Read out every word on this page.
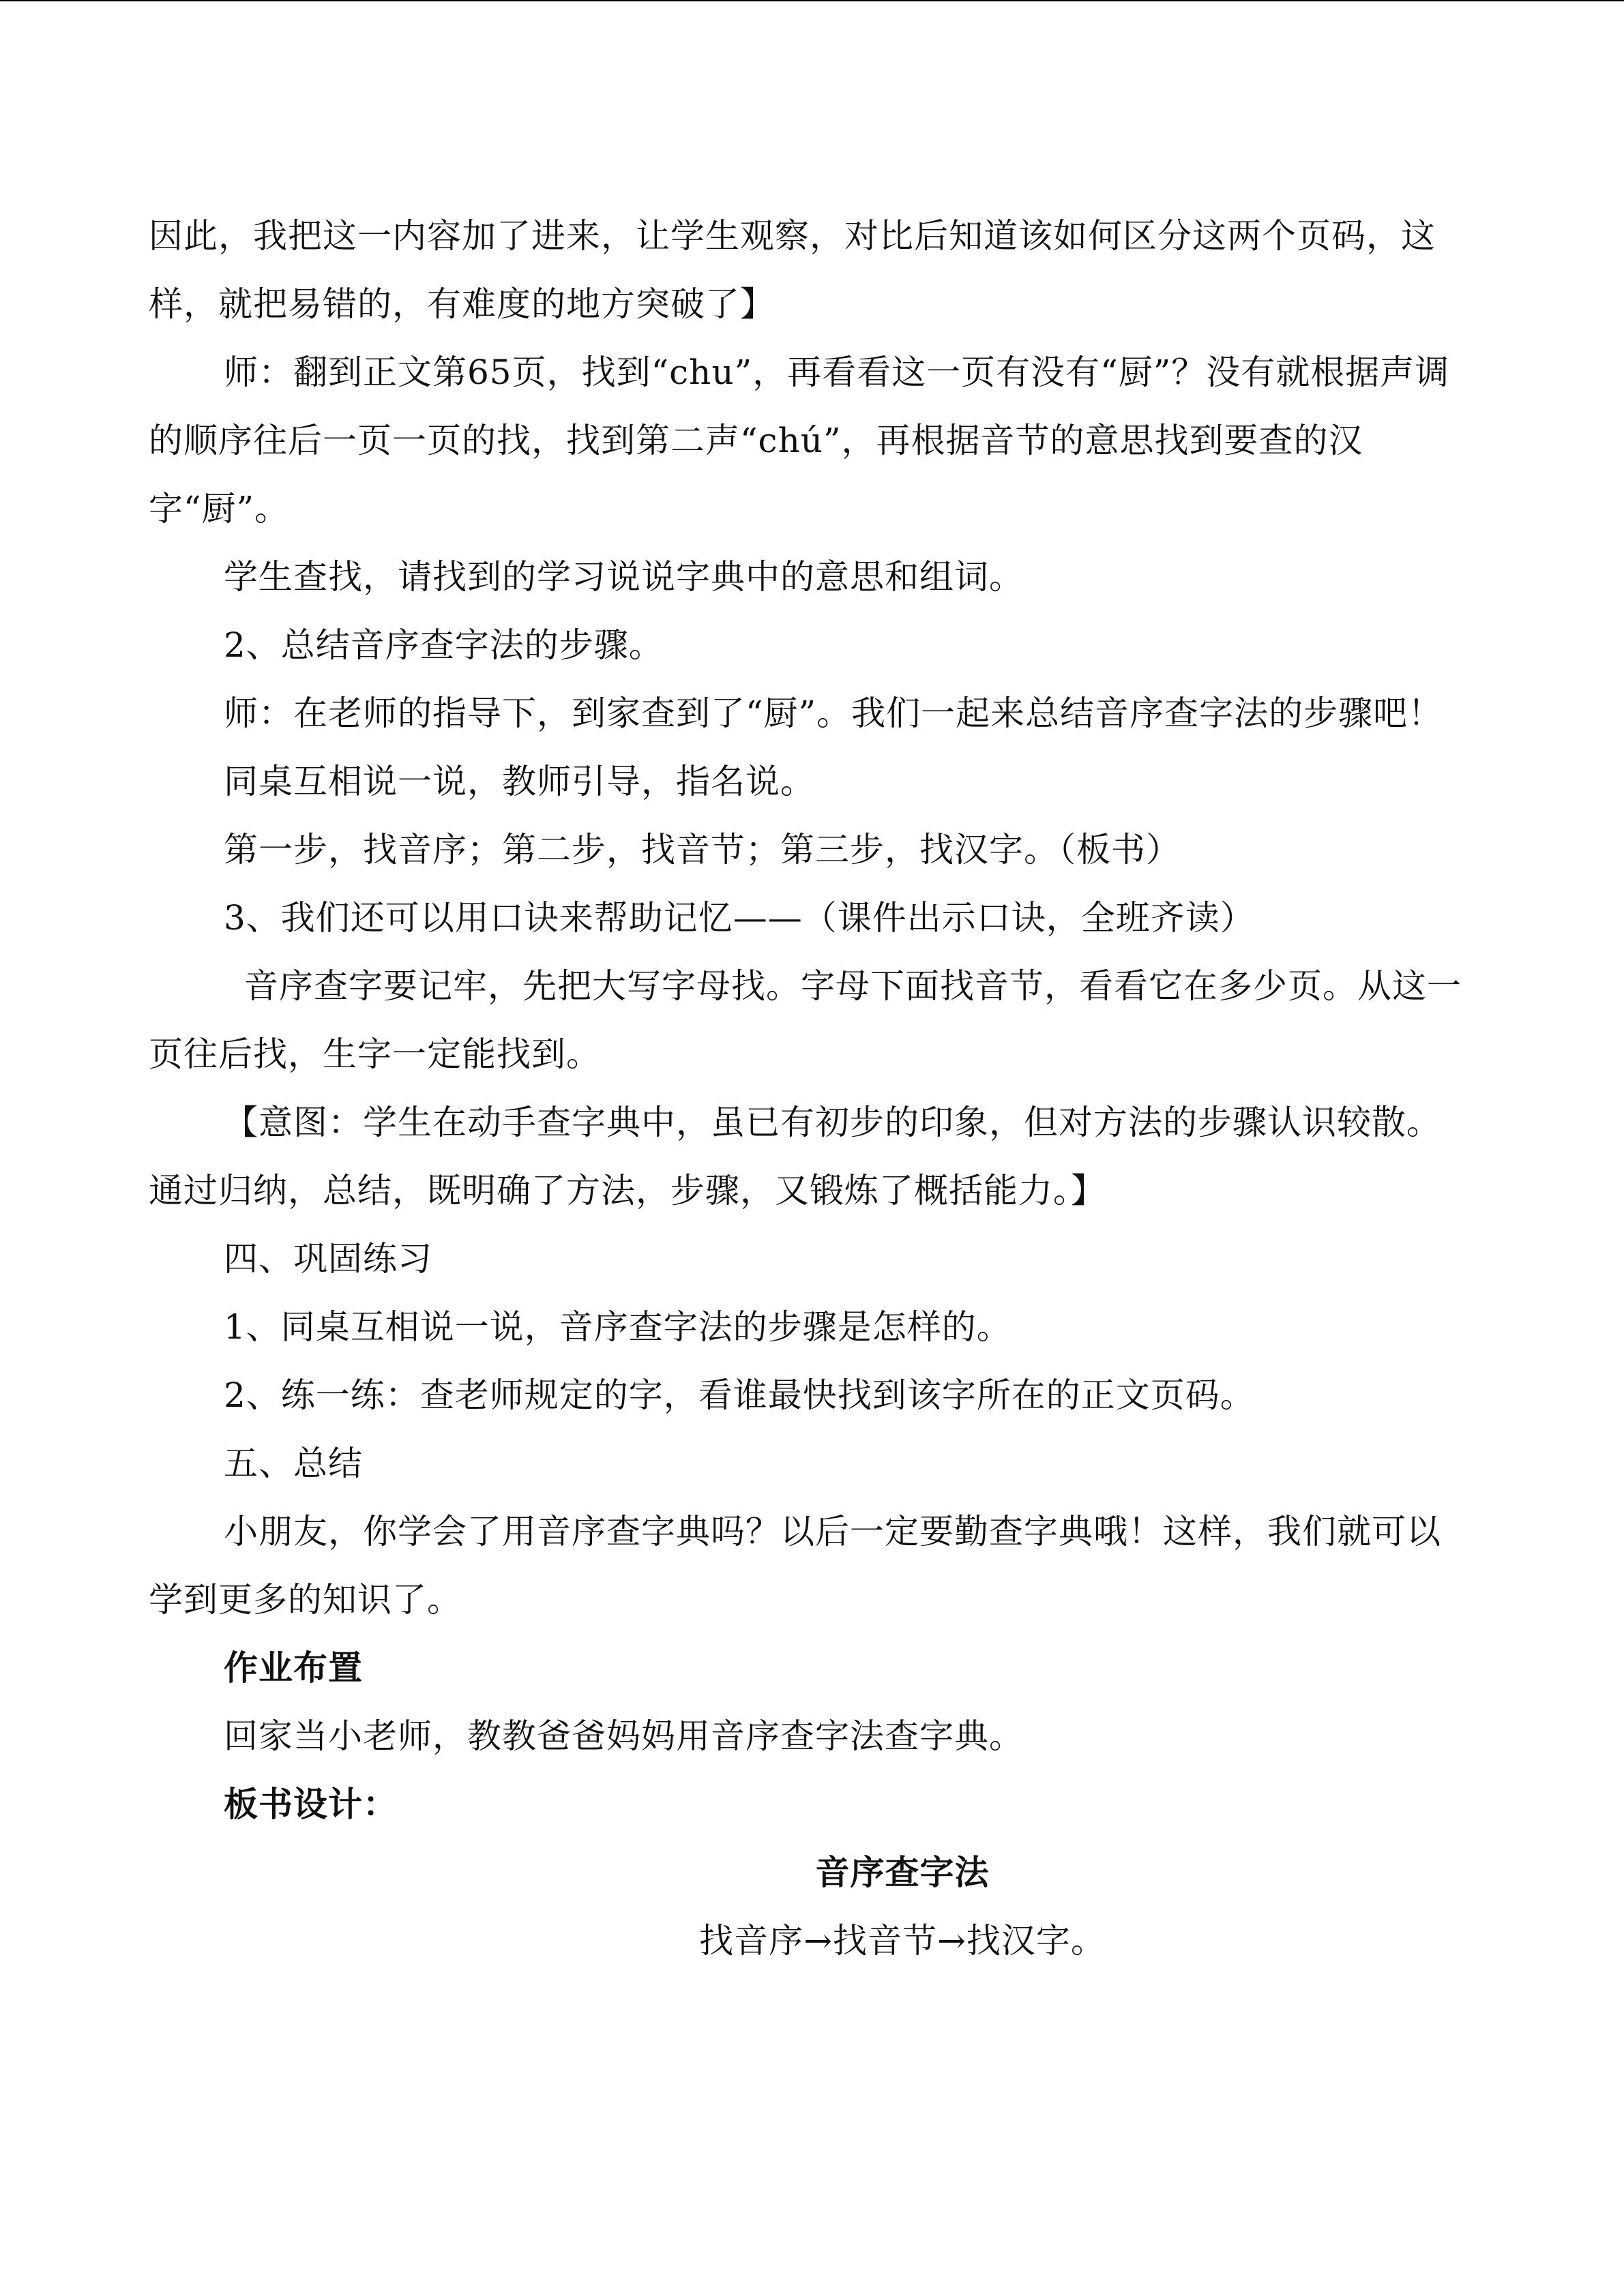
因此，我把这一内容加了进来，让学生观察，对比后知道该如何区分这两个页码，这样，就把易错的，有难度的地方突破了】

师：翻到正文第65页，找到“chu”，再看看这一页有没有“厨”？没有就根据声调的顺序往后一页一页的找，找到第二声“chú”，再根据音节的意思找到要查的汉字“厨”。

学生查找，请找到的学习说说字典中的意思和组词。

2、总结音序查字法的步骤。

师：在老师的指导下，到家查到了“厨”。我们一起来总结音序查字法的步骤吧！

同桌互相说一说，教师引导，指名说。

第一步，找音序；第二步，找音节；第三步，找汉字。（板书）

3、我们还可以用口诀来帮助记忆——（课件出示口诀，全班齐读）

音序查字要记牢，先把大写字母找。字母下面找音节，看看它在多少页。从这一页往后找，生字一定能找到。

【意图：学生在动手查字典中，虽已有初步的印象，但对方法的步骤认识较散。通过归纳，总结，既明确了方法，步骤，又锻炼了概括能力。】

四、巩固练习

1、同桌互相说一说，音序查字法的步骤是怎样的。

2、练一练：查老师规定的字，看谁最快找到该字所在的正文页码。

五、总结

小朋友，你学会了用音序查字典吗？以后一定要勤查字典哦！这样，我们就可以学到更多的知识了。

作业布置

回家当小老师，教教爸爸妈妈用音序查字法查字典。

板书设计：

音序查字法

找音序→找音节→找汉字。
